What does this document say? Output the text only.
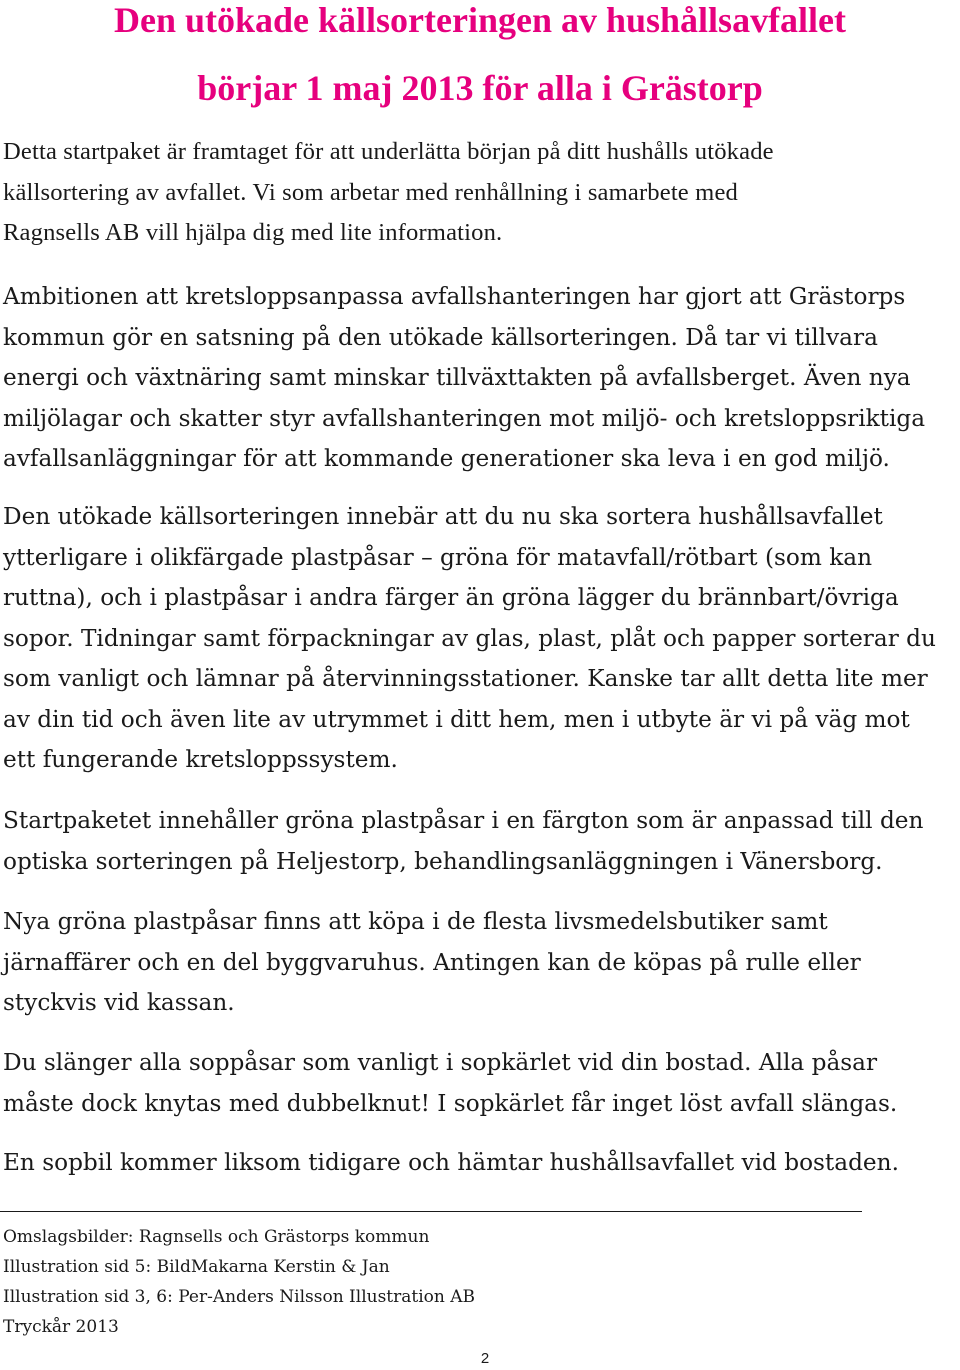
Den utökade källsorteringen av hushållsavfallet
börjar 1 maj 2013 för alla i Grästorp

Detta startpaket är framtaget för att underlätta början på ditt hushålls utökade
källsortering av avfallet. Vi som arbetar med renhållning i samarbete med
Ragnsells AB vill hjälpa dig med lite information.

Ambitionen att kretsloppsanpassa avfallshanteringen har gjort att Grästorps
kommun gör en satsning på den utökade källsorteringen. Då tar vi tillvara
energi och växtnäring samt minskar tillväxttakten på avfallsberget. Även nya
miljölagar och skatter styr avfallshanteringen mot miljö- och kretsloppsriktiga
avfallsanläggningar för att kommande generationer ska leva i en god miljö.

Den utökade källsorteringen innebär att du nu ska sortera hushållsavfallet
ytterligare i olikfärgade plastpåsar – gröna för matavfall/rötbart (som kan
ruttna), och i plastpåsar i andra färger än gröna lägger du brännbart/övriga
sopor. Tidningar samt förpackningar av glas, plast, plåt och papper sorterar du
som vanligt och lämnar på återvinningsstationer. Kanske tar allt detta lite mer
av din tid och även lite av utrymmet i ditt hem, men i utbyte är vi på väg mot
ett fungerande kretsloppssystem.

Startpaketet innehåller gröna plastpåsar i en färgton som är anpassad till den
optiska sorteringen på Heljestorp, behandlingsanläggningen i Vänersborg.

Nya gröna plastpåsar finns att köpa i de flesta livsmedelsbutiker samt
järnaffärer och en del byggvaruhus. Antingen kan de köpas på rulle eller
styckvis vid kassan.

Du slänger alla soppåsar som vanligt i sopkärlet vid din bostad. Alla påsar
måste dock knytas med dubbelknut! I sopkärlet får inget löst avfall slängas.

En sopbil kommer liksom tidigare och hämtar hushållsavfallet vid bostaden.

Omslagsbilder: Ragnsells och Grästorps kommun
Illustration sid 5: BildMakarna Kerstin & Jan
Illustration sid 3, 6: Per-Anders Nilsson Illustration AB
Tryckår 2013
2
